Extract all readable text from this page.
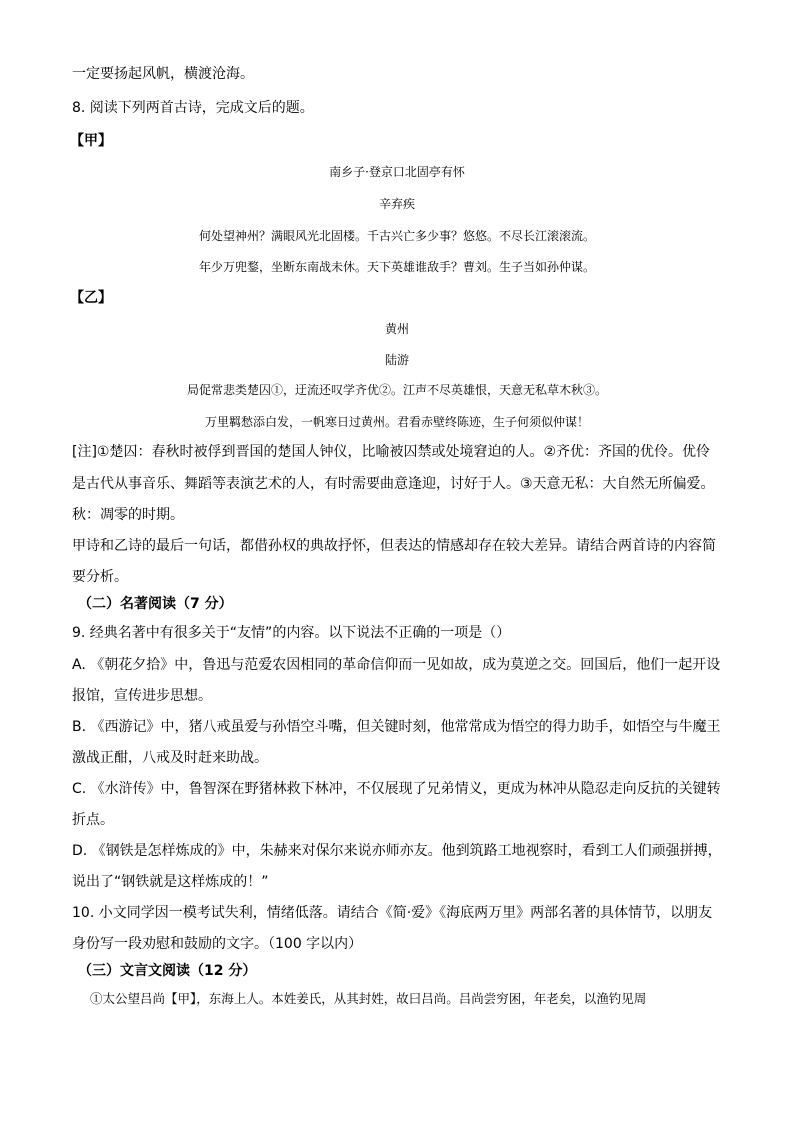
一定要扬起风帆，横渡沧海。
8. 阅读下列两首古诗，完成文后的题。
【甲】
南乡子·登京口北固亭有怀
辛弃疾
何处望神州？满眼风光北固楼。千古兴亡多少事？悠悠。不尽长江滚滚流。
年少万兜鍪，坐断东南战未休。天下英雄谁敌手？曹刘。生子当如孙仲谋。
【乙】
黄州
陆游
局促常悲类楚囚①，迂流还叹学齐优②。江声不尽英雄恨，天意无私草木秋③。
万里羁愁添白发，一帆寒日过黄州。君看赤壁终陈迹，生子何须似仲谋！
[注]①楚囚：春秋时被俘到晋国的楚国人钟仪，比喻被囚禁或处境窘迫的人。②齐优：齐国的优伶。优伶
是古代从事音乐、舞蹈等表演艺术的人，有时需要曲意逢迎，讨好于人。③天意无私：大自然无所偏爱。
秋：凋零的时期。
甲诗和乙诗的最后一句话，都借孙权的典故抒怀，但表达的情感却存在较大差异。请结合两首诗的内容简
要分析。
（二）名著阅读（7 分）
9. 经典名著中有很多关于“友情”的内容。以下说法不正确的一项是（）
A. 《朝花夕拾》中，鲁迅与范爱农因相同的革命信仰而一见如故，成为莫逆之交。回国后，他们一起开设
报馆，宣传进步思想。
B. 《西游记》中，猪八戒虽爱与孙悟空斗嘴，但关键时刻，他常常成为悟空的得力助手，如悟空与牛魔王
激战正酣，八戒及时赶来助战。
C. 《水浒传》中，鲁智深在野猪林救下林冲，不仅展现了兄弟情义，更成为林冲从隐忍走向反抗的关键转
折点。
D. 《钢铁是怎样炼成的》中，朱赫来对保尔来说亦师亦友。他到筑路工地视察时，看到工人们顽强拼搏，
说出了“钢铁就是这样炼成的！”
10. 小文同学因一模考试失利，情绪低落。请结合《简·爱》《海底两万里》两部名著的具体情节，以朋友
身份写一段劝慰和鼓励的文字。（100 字以内）
（三）文言文阅读（12 分）
①太公望吕尚【甲】，东海上人。本姓姜氏，从其封姓，故曰吕尚。吕尚尝穷困，年老矣，以渔钓见周
